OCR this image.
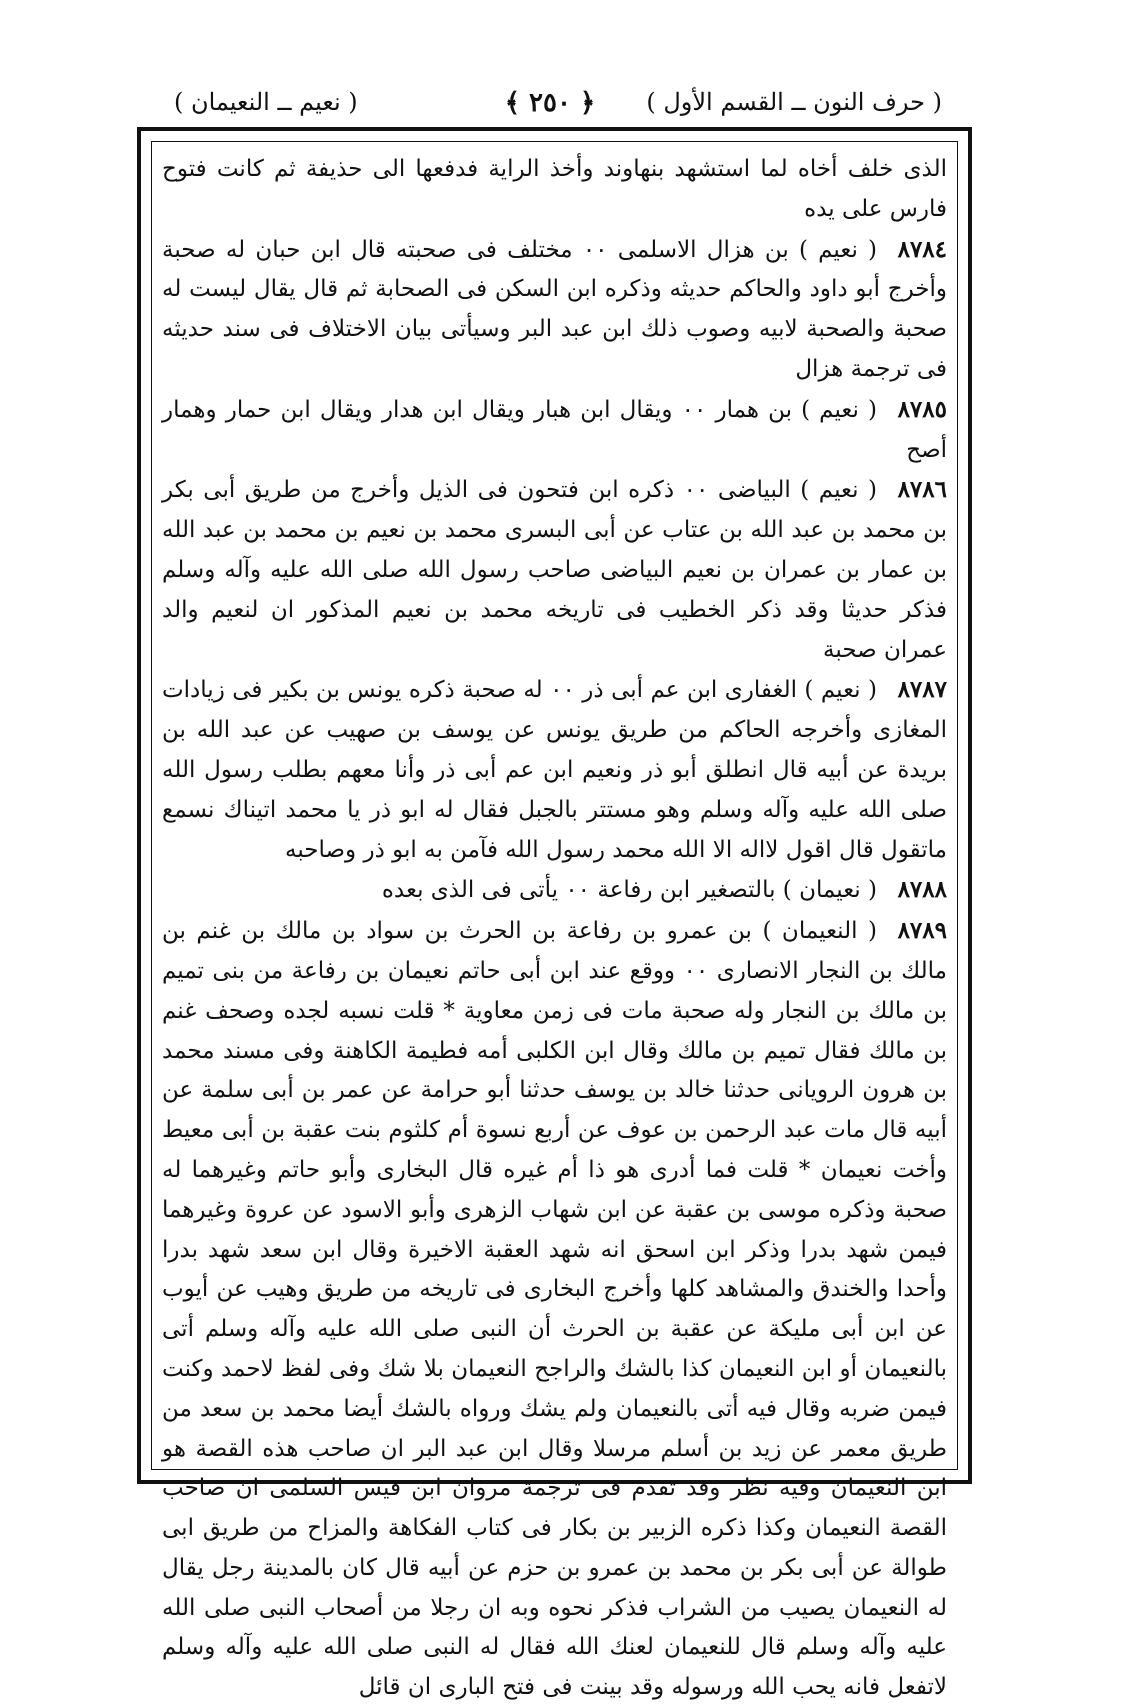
( حرف النون ــ القسم الأول )
﴿ ٢٥٠ ﴾
( نعيم ــ النعيمان )

الذى خلف أخاه لما استشهد بنهاوند وأخذ الراية فدفعها الى حذيفة ثم كانت فتوح فارس على يده

٨٧٨٤( نعيم ) بن هزال الاسلمى ٠٠ مختلف فى صحبته قال ابن حبان له صحبة وأخرج أبو داود والحاكم حديثه وذكره ابن السكن فى الصحابة ثم قال يقال ليست له صحبة والصحبة لابيه وصوب ذلك ابن عبد البر وسيأتى بيان الاختلاف فى سند حديثه فى ترجمة هزال

٨٧٨٥( نعيم ) بن همار ٠٠ ويقال ابن هبار ويقال ابن هدار ويقال ابن حمار وهمار أصح

٨٧٨٦( نعيم ) البياضى ٠٠ ذكره ابن فتحون فى الذيل وأخرج من طريق أبى بكر بن محمد بن عبد الله بن عتاب عن أبى البسرى محمد بن نعيم بن محمد بن عبد الله بن عمار بن عمران بن نعيم البياضى صاحب رسول الله صلى الله عليه وآله وسلم فذكر حديثا وقد ذكر الخطيب فى تاريخه محمد بن نعيم المذكور ان لنعيم والد عمران صحبة

٨٧٨٧( نعيم ) الغفارى ابن عم أبى ذر ٠٠ له صحبة ذكره يونس بن بكير فى زيادات المغازى وأخرجه الحاكم من طريق يونس عن يوسف بن صهيب عن عبد الله بن بريدة عن أبيه قال انطلق أبو ذر ونعيم ابن عم أبى ذر وأنا معهم بطلب رسول الله صلى الله عليه وآله وسلم وهو مستتر بالجبل فقال له ابو ذر يا محمد اتيناك نسمع ماتقول قال اقول لااله الا الله محمد رسول الله فآمن به ابو ذر وصاحبه

٨٧٨٨( نعيمان ) بالتصغير ابن رفاعة ٠٠ يأتى فى الذى بعده

٨٧٨٩( النعيمان ) بن عمرو بن رفاعة بن الحرث بن سواد بن مالك بن غنم بن مالك بن النجار الانصارى ٠٠ ووقع عند ابن أبى حاتم نعيمان بن رفاعة من بنى تميم بن مالك بن النجار وله صحبة مات فى زمن معاوية * قلت نسبه لجده وصحف غنم بن مالك فقال تميم بن مالك وقال ابن الكلبى أمه فطيمة الكاهنة وفى مسند محمد بن هرون الرويانى حدثنا خالد بن يوسف حدثنا أبو حرامة عن عمر بن أبى سلمة عن أبيه قال مات عبد الرحمن بن عوف عن أربع نسوة أم كلثوم بنت عقبة بن أبى معيط وأخت نعيمان * قلت فما أدرى هو ذا أم غيره قال البخارى وأبو حاتم وغيرهما له صحبة وذكره موسى بن عقبة عن ابن شهاب الزهرى وأبو الاسود عن عروة وغيرهما فيمن شهد بدرا وذكر ابن اسحق انه شهد العقبة الاخيرة وقال ابن سعد شهد بدرا وأحدا والخندق والمشاهد كلها وأخرج البخارى فى تاريخه من طريق وهيب عن أيوب عن ابن أبى مليكة عن عقبة بن الحرث أن النبى صلى الله عليه وآله وسلم أتى بالنعيمان أو ابن النعيمان كذا بالشك والراجح النعيمان بلا شك وفى لفظ لاحمد وكنت فيمن ضربه وقال فيه أتى بالنعيمان ولم يشك ورواه بالشك أيضا محمد بن سعد من طريق معمر عن زيد بن أسلم مرسلا وقال ابن عبد البر ان صاحب هذه القصة هو ابن النعيمان وفيه نظر وقد تقدم فى ترجمة مروان ابن قيس السلمى ان صاحب القصة النعيمان وكذا ذكره الزبير بن بكار فى كتاب الفكاهة والمزاح من طريق ابى طوالة عن أبى بكر بن محمد بن عمرو بن حزم عن أبيه قال كان بالمدينة رجل يقال له النعيمان يصيب من الشراب فذكر نحوه وبه ان رجلا من أصحاب النبى صلى الله عليه وآله وسلم قال للنعيمان لعنك الله فقال له النبى صلى الله عليه وآله وسلم لاتفعل فانه يحب الله ورسوله وقد بينت فى فتح البارى ان قائل
